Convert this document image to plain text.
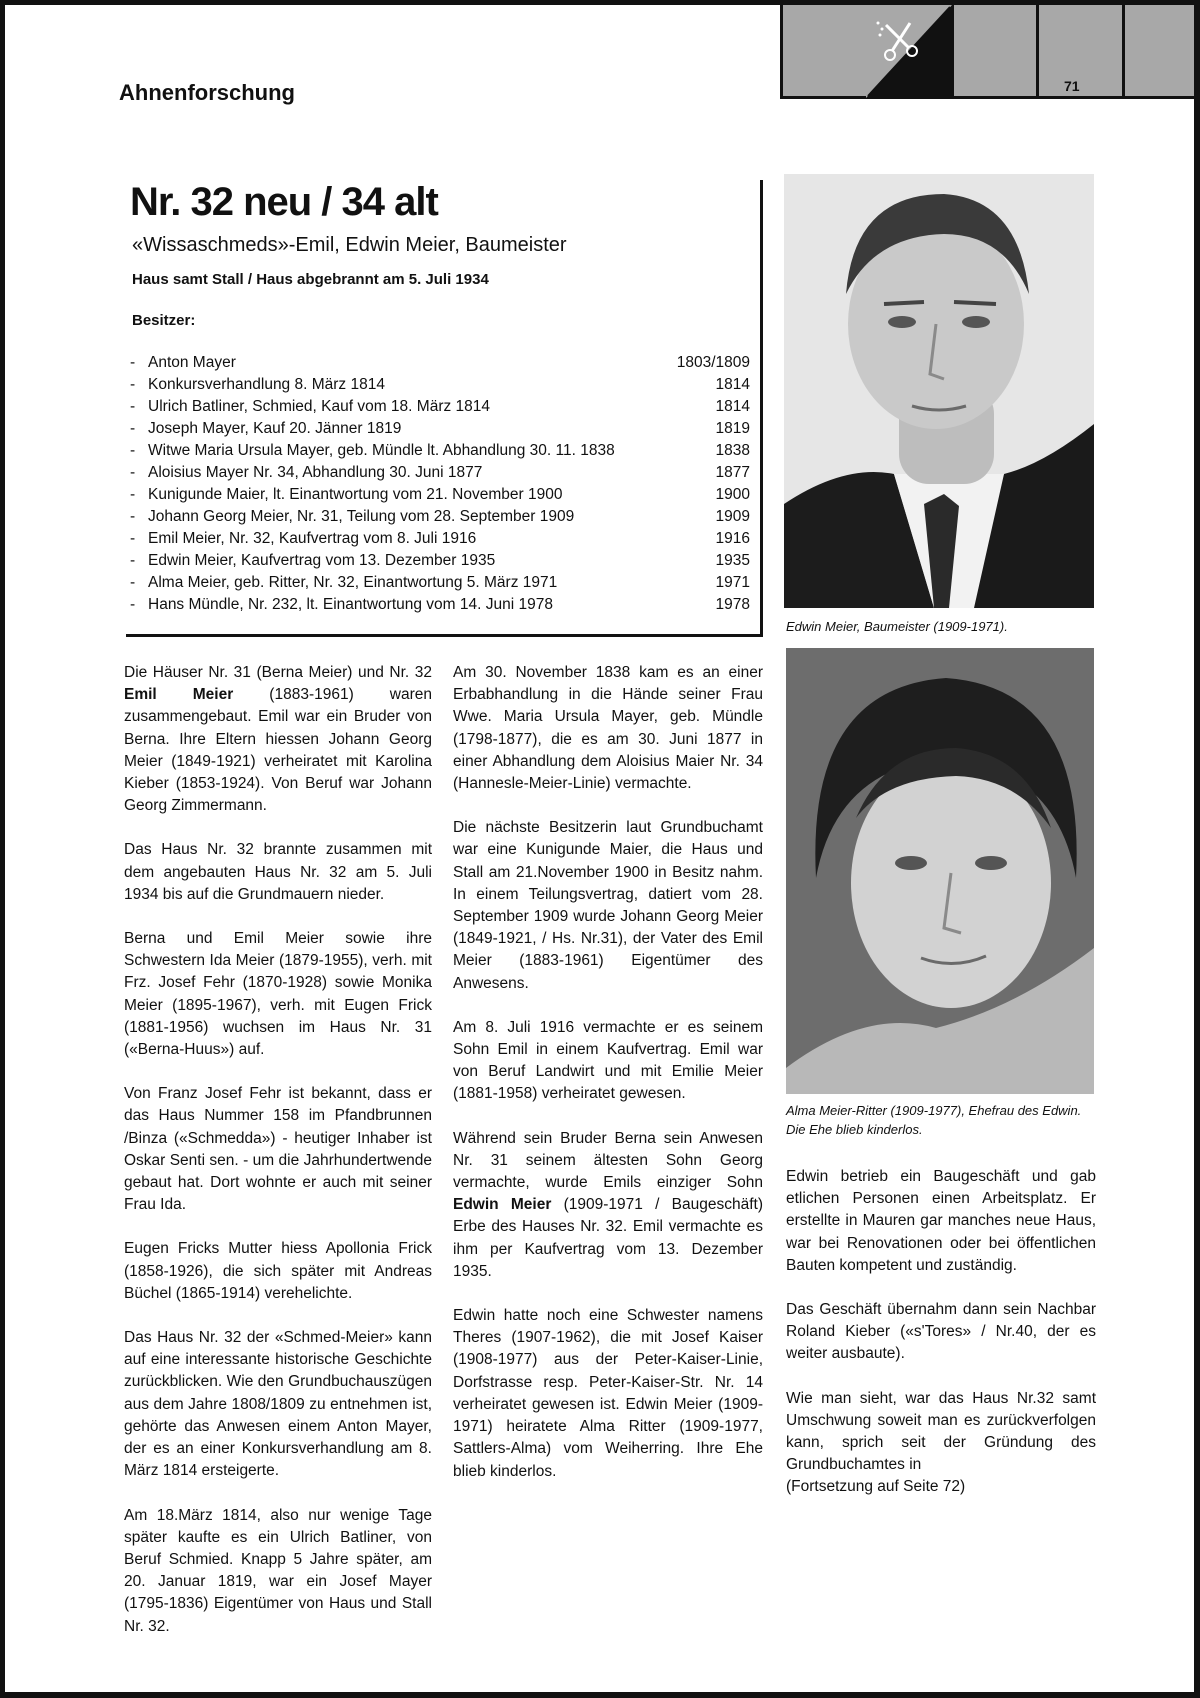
71
Ahnenforschung
Nr. 32 neu / 34 alt
«Wissaschmeds»-Emil, Edwin Meier, Baumeister
Haus samt Stall / Haus abgebrannt am 5. Juli 1934
Besitzer:
- Anton Mayer	1803/1809
- Konkursverhandlung 8. März 1814	1814
- Ulrich Batliner, Schmied, Kauf vom 18. März 1814	1814
- Joseph Mayer, Kauf 20. Jänner 1819	1819
- Witwe Maria Ursula Mayer, geb. Mündle lt. Abhandlung 30. 11. 1838	1838
- Aloisius Mayer Nr. 34, Abhandlung 30. Juni 1877	1877
- Kunigunde Maier, lt. Einantwortung vom 21. November 1900	1900
- Johann Georg Meier, Nr. 31, Teilung vom 28. September 1909	1909
- Emil Meier, Nr. 32, Kaufvertrag vom 8. Juli 1916	1916
- Edwin Meier, Kaufvertrag vom 13. Dezember 1935	1935
- Alma Meier, geb. Ritter, Nr. 32, Einantwortung 5. März 1971	1971
- Hans Mündle, Nr. 232, lt. Einantwortung vom 14. Juni 1978	1978
Edwin Meier, Baumeister (1909-1971).
Alma Meier-Ritter (1909-1977), Ehefrau des Edwin. Die Ehe blieb kinderlos.

Die Häuser Nr. 31 (Berna Meier) und Nr. 32 Emil Meier (1883-1961) waren zusammengebaut. Emil war ein Bruder von Berna. Ihre Eltern hiessen Johann Georg Meier (1849-1921) verheiratet mit Karolina Kieber (1853-1924). Von Beruf war Johann Georg Zimmermann.

Das Haus Nr. 32 brannte zusammen mit dem angebauten Haus Nr. 32 am 5. Juli 1934 bis auf die Grundmauern nieder.

Berna und Emil Meier sowie ihre Schwestern Ida Meier (1879-1955), verh. mit Frz. Josef Fehr (1870-1928) sowie Monika Meier (1895-1967), verh. mit Eugen Frick (1881-1956) wuchsen im Haus Nr. 31 («Berna-Huus») auf.

Von Franz Josef Fehr ist bekannt, dass er das Haus Nummer 158 im Pfandbrunnen /Binza («Schmedda») - heutiger Inhaber ist Oskar Senti sen. - um die Jahrhundertwende gebaut hat. Dort wohnte er auch mit seiner Frau Ida.

Eugen Fricks Mutter hiess Apollonia Frick (1858-1926), die sich später mit Andreas Büchel (1865-1914) verehelichte.

Das Haus Nr. 32 der «Schmed-Meier» kann auf eine interessante historische Geschichte zurückblicken. Wie den Grundbuchauszügen aus dem Jahre 1808/1809 zu entnehmen ist, gehörte das Anwesen einem Anton Mayer, der es an einer Konkursverhandlung am 8. März 1814 ersteigerte.

Am 18.März 1814, also nur wenige Tage später kaufte es ein Ulrich Batliner, von Beruf Schmied. Knapp 5 Jahre später, am 20. Januar 1819, war ein Josef Mayer (1795-1836) Eigentümer von Haus und Stall Nr. 32.

Am 30. November 1838 kam es an einer Erbabhandlung in die Hände seiner Frau Wwe. Maria Ursula Mayer, geb. Mündle (1798-1877), die es am 30. Juni 1877 in einer Abhandlung dem Aloisius Maier Nr. 34 (Hannesle-Meier-Linie) vermachte.

Die nächste Besitzerin laut Grundbuchamt war eine Kunigunde Maier, die Haus und Stall am 21.November 1900 in Besitz nahm. In einem Teilungsvertrag, datiert vom 28. September 1909 wurde Johann Georg Meier (1849-1921, / Hs. Nr.31), der Vater des Emil Meier (1883-1961) Eigentümer des Anwesens.

Am 8. Juli 1916 vermachte er es seinem Sohn Emil in einem Kaufvertrag. Emil war von Beruf Landwirt und mit Emilie Meier (1881-1958) verheiratet gewesen.

Während sein Bruder Berna sein Anwesen Nr. 31 seinem ältesten Sohn Georg vermachte, wurde Emils einziger Sohn Edwin Meier (1909-1971 / Baugeschäft) Erbe des Hauses Nr. 32. Emil vermachte es ihm per Kaufvertrag vom 13. Dezember 1935.

Edwin hatte noch eine Schwester namens Theres (1907-1962), die mit Josef Kaiser (1908-1977) aus der Peter-Kaiser-Linie, Dorfstrasse resp. Peter-Kaiser-Str. Nr. 14 verheiratet gewesen ist. Edwin Meier (1909-1971) heiratete Alma Ritter (1909-1977, Sattlers-Alma) vom Weiherring. Ihre Ehe blieb kinderlos.

Edwin betrieb ein Baugeschäft und gab etlichen Personen einen Arbeitsplatz. Er erstellte in Mauren gar manches neue Haus, war bei Renovationen oder bei öffentlichen Bauten kompetent und zuständig.

Das Geschäft übernahm dann sein Nachbar Roland Kieber («s'Tores» / Nr.40, der es weiter ausbaute).

Wie man sieht, war das Haus Nr.32 samt Umschwung soweit man es zurückverfolgen kann, sprich seit der Gründung des Grundbuchamtes in

(Fortsetzung auf Seite 72)
